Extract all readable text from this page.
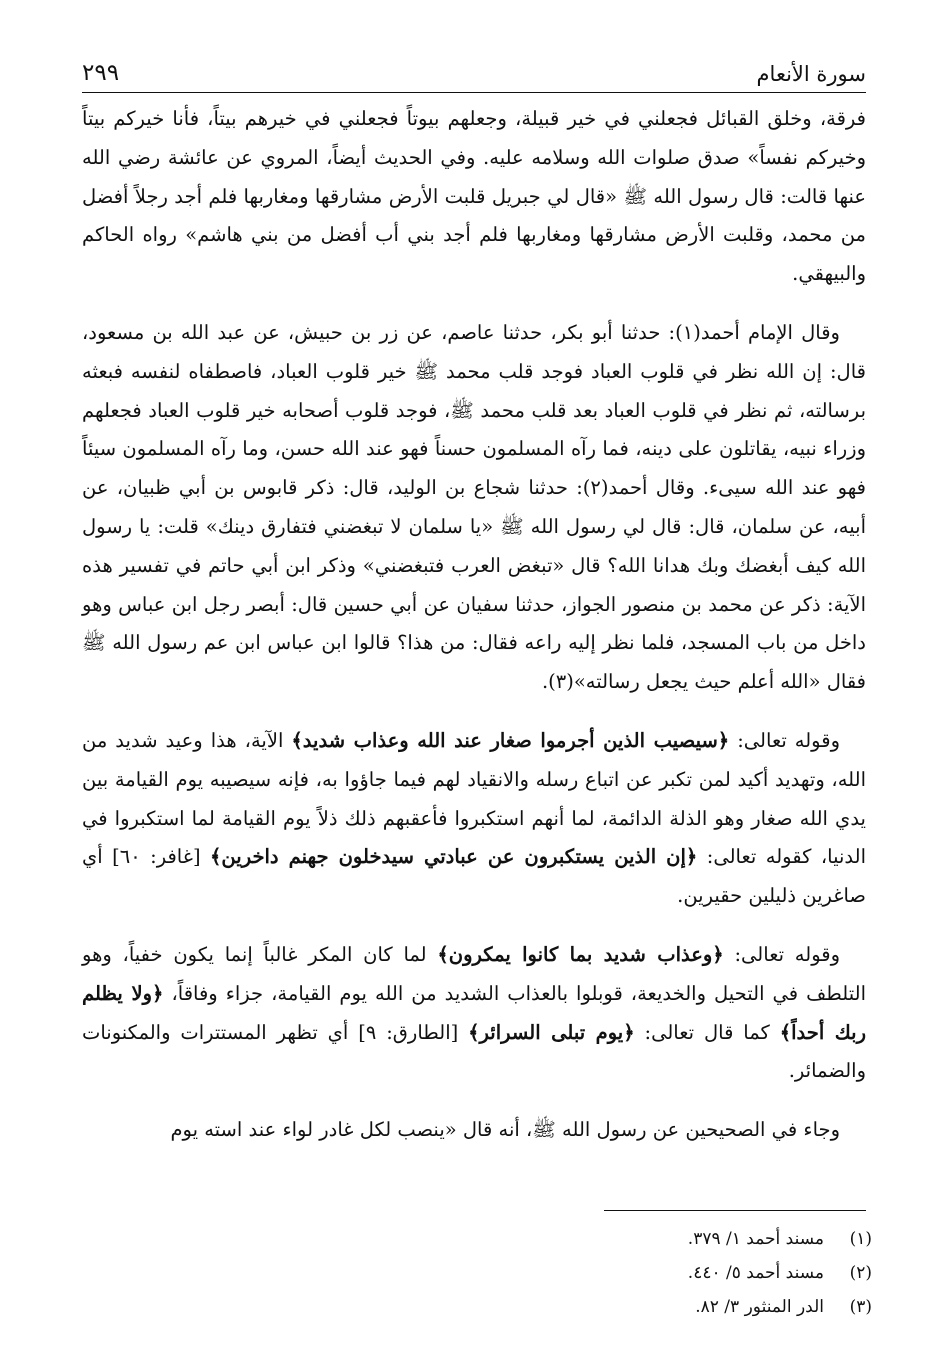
سورة الأنعام
٢٩٩

فرقة، وخلق القبائل فجعلني في خير قبيلة، وجعلهم بيوتاً فجعلني في خيرهم بيتاً، فأنا خيركم بيتاً وخيركم نفساً» صدق صلوات الله وسلامه عليه. وفي الحديث أيضاً، المروي عن عائشة رضي الله عنها قالت: قال رسول الله ﷺ «قال لي جبريل قلبت الأرض مشارقها ومغاربها فلم أجد رجلاً أفضل من محمد، وقلبت الأرض مشارقها ومغاربها فلم أجد بني أب أفضل من بني هاشم» رواه الحاكم والبيهقي.

وقال الإمام أحمد(١): حدثنا أبو بكر، حدثنا عاصم، عن زر بن حبيش، عن عبد الله بن مسعود، قال: إن الله نظر في قلوب العباد فوجد قلب محمد ﷺ خير قلوب العباد، فاصطفاه لنفسه فبعثه برسالته، ثم نظر في قلوب العباد بعد قلب محمد ﷺ، فوجد قلوب أصحابه خير قلوب العباد فجعلهم وزراء نبيه، يقاتلون على دينه، فما رآه المسلمون حسناً فهو عند الله حسن، وما رآه المسلمون سيئاً فهو عند الله سيىء. وقال أحمد(٢): حدثنا شجاع بن الوليد، قال: ذكر قابوس بن أبي ظبيان، عن أبيه، عن سلمان، قال: قال لي رسول الله ﷺ «يا سلمان لا تبغضني فتفارق دينك» قلت: يا رسول الله كيف أبغضك وبك هدانا الله؟ قال «تبغض العرب فتبغضني» وذكر ابن أبي حاتم في تفسير هذه الآية: ذكر عن محمد بن منصور الجواز، حدثنا سفيان عن أبي حسين قال: أبصر رجل ابن عباس وهو داخل من باب المسجد، فلما نظر إليه راعه فقال: من هذا؟ قالوا ابن عباس ابن عم رسول الله ﷺ فقال «الله أعلم حيث يجعل رسالته»(٣).

وقوله تعالى: ﴿سيصيب الذين أجرموا صغار عند الله وعذاب شديد﴾ الآية، هذا وعيد شديد من الله، وتهديد أكيد لمن تكبر عن اتباع رسله والانقياد لهم فيما جاؤوا به، فإنه سيصيبه يوم القيامة بين يدي الله صغار وهو الذلة الدائمة، لما أنهم استكبروا فأعقبهم ذلك ذلاً يوم القيامة لما استكبروا في الدنيا، كقوله تعالى: ﴿إن الذين يستكبرون عن عبادتي سيدخلون جهنم داخرين﴾ [غافر: ٦٠] أي صاغرين ذليلين حقيرين.

وقوله تعالى: ﴿وعذاب شديد بما كانوا يمكرون﴾ لما كان المكر غالباً إنما يكون خفياً، وهو التلطف في التحيل والخديعة، قوبلوا بالعذاب الشديد من الله يوم القيامة، جزاء وفاقاً، ﴿ولا يظلم ربك أحداً﴾ كما قال تعالى: ﴿يوم تبلى السرائر﴾ [الطارق: ٩] أي تظهر المستترات والمكنونات والضمائر.

وجاء في الصحيحين عن رسول الله ﷺ، أنه قال «ينصب لكل غادر لواء عند استه يوم

(١)مسند أحمد ١/ ٣٧٩.
(٢)مسند أحمد ٥/ ٤٤٠.
(٣)الدر المنثور ٣/ ٨٢.
